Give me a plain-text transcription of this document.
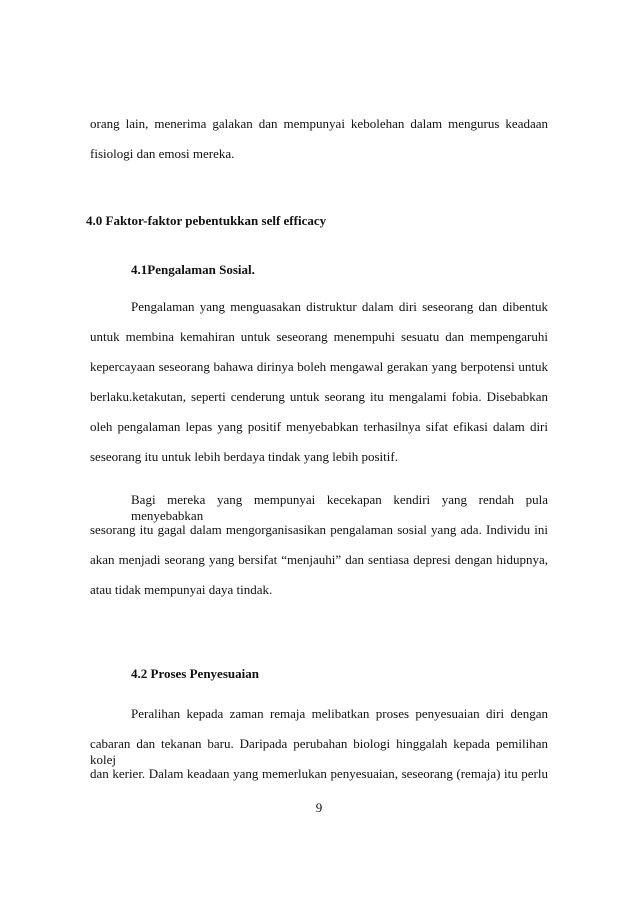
orang lain, menerima galakan dan mempunyai kebolehan dalam mengurus keadaan
fisiologi dan emosi mereka.
4.0 Faktor-faktor pebentukkan self efficacy
4.1Pengalaman Sosial.
Pengalaman yang menguasakan distruktur dalam diri seseorang dan dibentuk
untuk membina kemahiran untuk seseorang menempuhi sesuatu dan mempengaruhi
kepercayaan seseorang bahawa dirinya boleh mengawal gerakan yang berpotensi untuk
berlaku.ketakutan, seperti cenderung untuk seorang itu mengalami fobia. Disebabkan
oleh pengalaman lepas yang positif menyebabkan terhasilnya sifat efikasi dalam diri
seseorang itu untuk lebih berdaya tindak yang lebih positif.
Bagi mereka yang mempunyai kecekapan kendiri yang rendah pula menyebabkan
sesorang itu gagal dalam mengorganisasikan pengalaman sosial yang ada. Individu ini
akan menjadi seorang yang bersifat “menjauhi” dan sentiasa depresi dengan hidupnya,
atau tidak mempunyai daya tindak.
4.2 Proses Penyesuaian
Peralihan kepada zaman remaja melibatkan proses penyesuaian diri dengan
cabaran dan tekanan baru. Daripada perubahan biologi hinggalah kepada pemilihan kolej
dan kerier. Dalam keadaan yang memerlukan penyesuaian, seseorang (remaja) itu perlu
9
